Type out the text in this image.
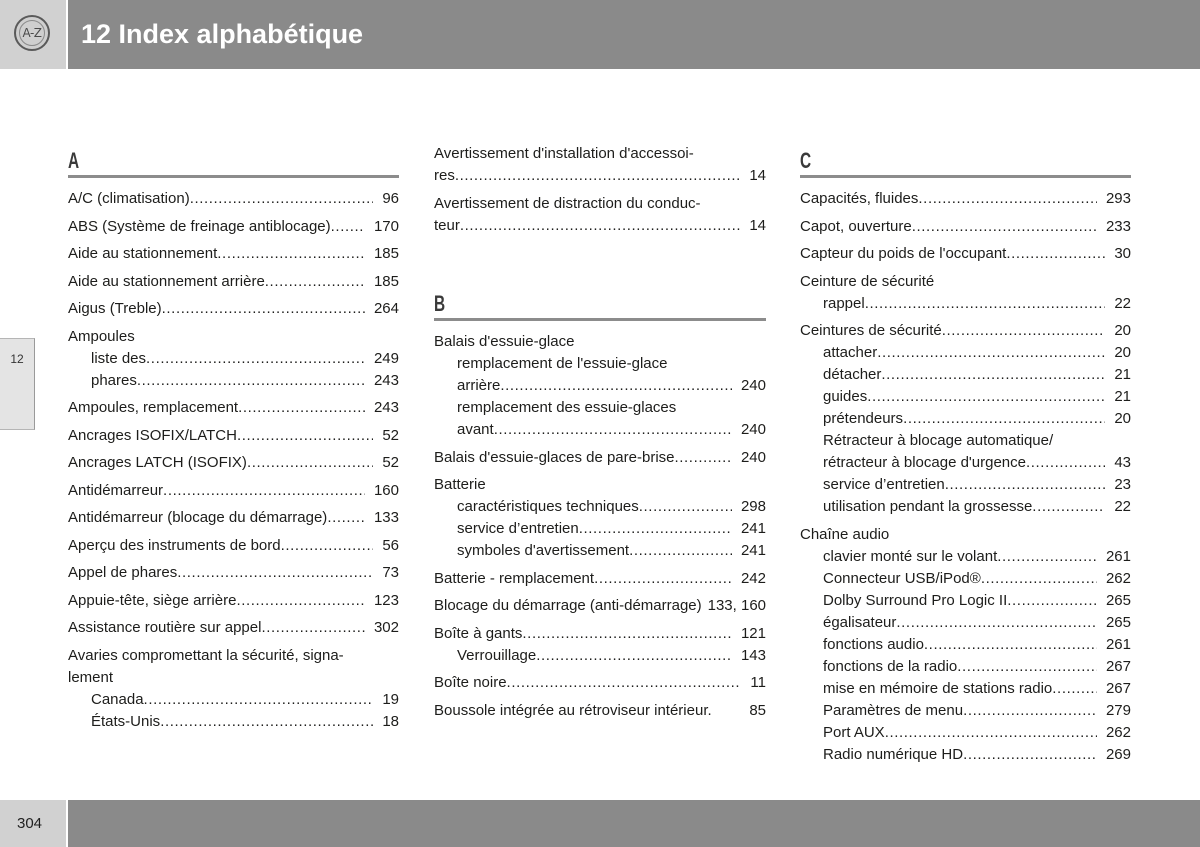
A-Z	12 Index alphabétique
12
A
A/C (climatisation) .....	96
ABS (Système de freinage antiblocage) .....	170
Aide au stationnement .....	185
Aide au stationnement arrière .....	185
Aigus (Treble) .....	264
Ampoules
liste des .....	249
phares .....	243
Ampoules, remplacement .....	243
Ancrages ISOFIX/LATCH .....	52
Ancrages LATCH (ISOFIX) .....	52
Antidémarreur .....	160
Antidémarreur (blocage du démarrage) .....	133
Aperçu des instruments de bord .....	56
Appel de phares .....	73
Appuie-tête, siège arrière .....	123
Assistance routière sur appel .....	302
Avaries compromettant la sécurité, signa-
lement
Canada .....	19
États-Unis .....	18
Avertissement d'installation d'accessoi-
res .....	14
Avertissement de distraction du conduc-
teur .....	14
B
Balais d'essuie-glace
remplacement de l'essuie-glace
arrière .....	240
remplacement des essuie-glaces
avant .....	240
Balais d'essuie-glaces de pare-brise .....	240
Batterie
caractéristiques techniques .....	298
service d’entretien .....	241
symboles d'avertissement .....	241
Batterie - remplacement .....	242
Blocage du démarrage (anti-démarrage) 133, 160
Boîte à gants .....	121
Verrouillage .....	143
Boîte noire .....	11
Boussole intégrée au rétroviseur intérieur.	85
C
Capacités, fluides .....	293
Capot, ouverture .....	233
Capteur du poids de l'occupant .....	30
Ceinture de sécurité
rappel .....	22
Ceintures de sécurité .....	20
attacher .....	20
détacher .....	21
guides .....	21
prétendeurs .....	20
Rétracteur à blocage automatique/
rétracteur à blocage d'urgence .....	43
service d’entretien .....	23
utilisation pendant la grossesse .....	22
Chaîne audio
clavier monté sur le volant .....	261
Connecteur USB/iPod® .....	262
Dolby Surround Pro Logic II .....	265
égalisateur .....	265
fonctions audio .....	261
fonctions de la radio .....	267
mise en mémoire de stations radio .....	267
Paramètres de menu .....	279
Port AUX .....	262
Radio numérique HD .....	269
304
